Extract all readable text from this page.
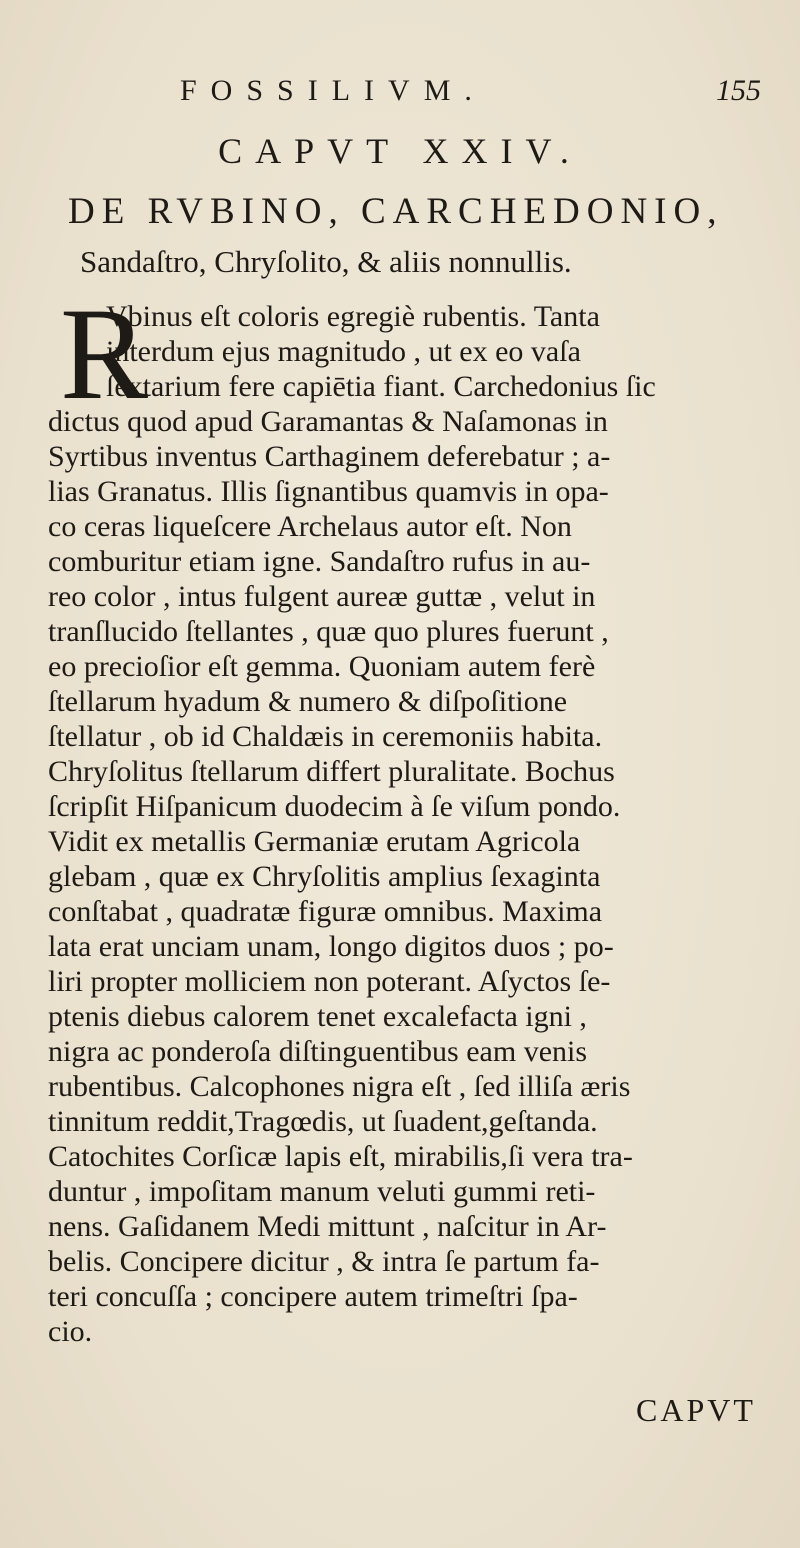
FOSSILIVM.	155
CAPVT XXIV.
DE RVBINO, CARCHEDONIO,
Sandaſtro, Chryſolito, & aliis nonnullis.
R
Vbinus eſt coloris egregiè rubentis. Tanta
interdum ejus magnitudo , ut ex eo vaſa
ſextarium fere capiētia fiant. Carchedonius ſic
dictus quod apud Garamantas & Naſamonas in
Syrtibus inventus Carthaginem deferebatur ; a-
lias Granatus. Illis ſignantibus quamvis in opa-
co ceras liqueſcere Archelaus autor eſt. Non
comburitur etiam igne. Sandaſtro rufus in au-
reo color , intus fulgent aureæ guttæ , velut in
tranſlucido ſtellantes , quæ quo plures fuerunt ,
eo precioſior eſt gemma. Quoniam autem ferè
ſtellarum hyadum & numero & diſpoſitione
ſtellatur , ob id Chaldæis in ceremoniis habita.
Chryſolitus ſtellarum differt pluralitate. Bochus
ſcripſit Hiſpanicum duodecim à ſe viſum pondo.
Vidit ex metallis Germaniæ erutam Agricola
glebam , quæ ex Chryſolitis amplius ſexaginta
conſtabat , quadratæ figuræ omnibus. Maxima
lata erat unciam unam, longo digitos duos ; po-
liri propter molliciem non poterant. Aſyctos ſe-
ptenis diebus calorem tenet excalefacta igni ,
nigra ac ponderoſa diſtinguentibus eam venis
rubentibus. Calcophones nigra eſt , ſed illiſa æris
tinnitum reddit,Tragœdis, ut ſuadent,geſtanda.
Catochites Corſicæ lapis eſt, mirabilis,ſi vera tra-
duntur , impoſitam manum veluti gummi reti-
nens. Gaſidanem Medi mittunt , naſcitur in Ar-
belis. Concipere dicitur , & intra ſe partum fa-
teri concuſſa ; concipere autem trimeſtri ſpa-
cio.
CAPVT
